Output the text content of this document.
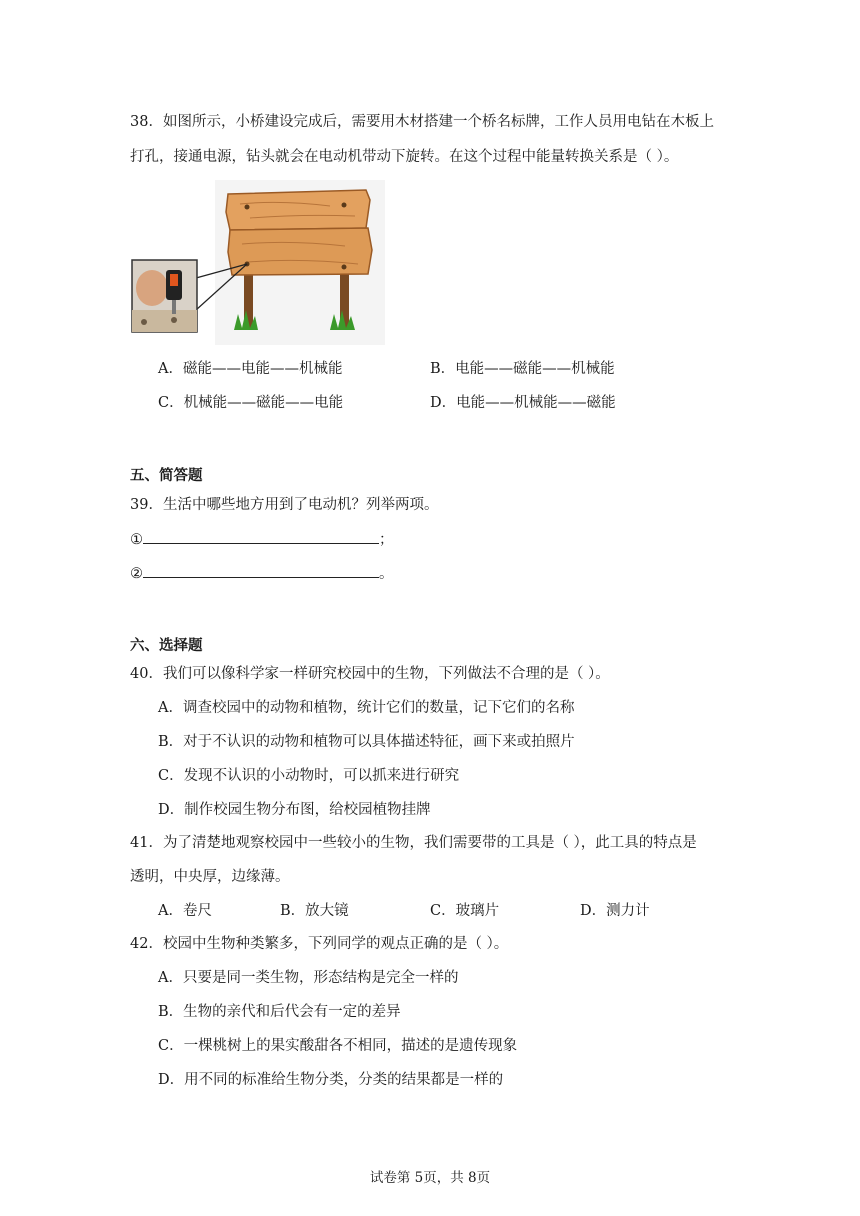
38．如图所示，小桥建设完成后，需要用木材搭建一个桥名标牌，工作人员用电钻在木板上
打孔，接通电源，钻头就会在电动机带动下旋转。在这个过程中能量转换关系是（ ）。
A．磁能——电能——机械能	B．电能——磁能——机械能
C．机械能——磁能——电能	D．电能——机械能——磁能
五、简答题
39．生活中哪些地方用到了电动机？列举两项。
①	；
②	。
六、选择题
40．我们可以像科学家一样研究校园中的生物，下列做法不合理的是（ ）。
A．调查校园中的动物和植物，统计它们的数量，记下它们的名称
B．对于不认识的动物和植物可以具体描述特征，画下来或拍照片
C．发现不认识的小动物时，可以抓来进行研究
D．制作校园生物分布图，给校园植物挂牌
41．为了清楚地观察校园中一些较小的生物，我们需要带的工具是（ ），此工具的特点是
透明，中央厚，边缘薄。
A．卷尺	B．放大镜	C．玻璃片	D．测力计
42．校园中生物种类繁多，下列同学的观点正确的是（ ）。
A．只要是同一类生物，形态结构是完全一样的
B．生物的亲代和后代会有一定的差异
C．一棵桃树上的果实酸甜各不相同，描述的是遗传现象
D．用不同的标准给生物分类，分类的结果都是一样的
试卷第 5页，共 8页
